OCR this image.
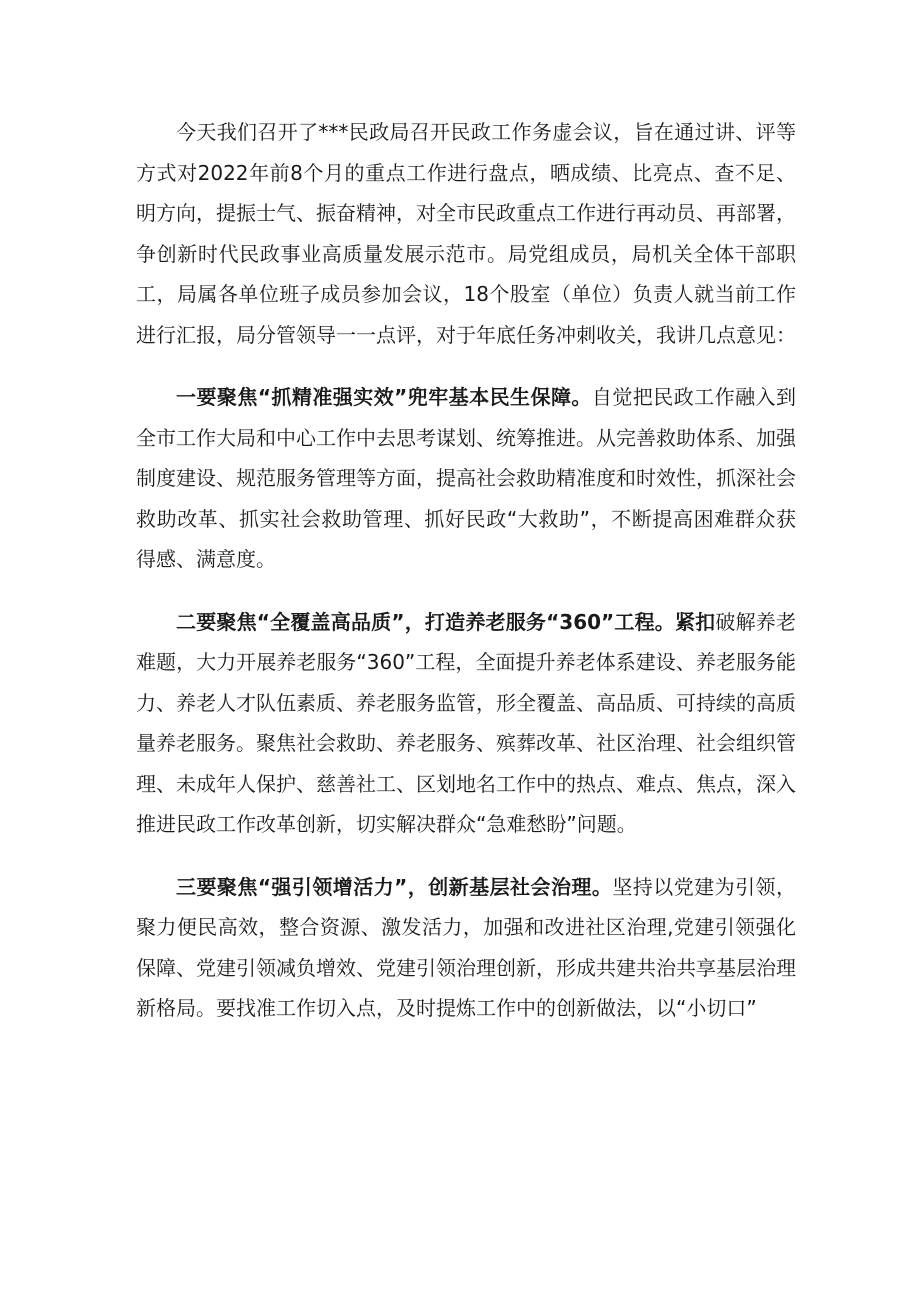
今天我们召开了***民政局召开民政工作务虚会议，旨在通过讲、评等方式对2022年前8个月的重点工作进行盘点，晒成绩、比亮点、查不足、明方向，提振士气、振奋精神，对全市民政重点工作进行再动员、再部署，争创新时代民政事业高质量发展示范市。局党组成员，局机关全体干部职工，局属各单位班子成员参加会议，18个股室（单位）负责人就当前工作进行汇报，局分管领导一一点评，对于年底任务冲刺收关，我讲几点意见：

一要聚焦“抓精准强实效”兜牢基本民生保障。自觉把民政工作融入到全市工作大局和中心工作中去思考谋划、统筹推进。从完善救助体系、加强制度建设、规范服务管理等方面，提高社会救助精准度和时效性，抓深社会救助改革、抓实社会救助管理、抓好民政“大救助”，不断提高困难群众获得感、满意度。

二要聚焦“全覆盖高品质”，打造养老服务“360”工程。紧扣破解养老难题，大力开展养老服务“360”工程，全面提升养老体系建设、养老服务能力、养老人才队伍素质、养老服务监管，形全覆盖、高品质、可持续的高质量养老服务。聚焦社会救助、养老服务、殡葬改革、社区治理、社会组织管理、未成年人保护、慈善社工、区划地名工作中的热点、难点、焦点，深入推进民政工作改革创新，切实解决群众“急难愁盼”问题。

三要聚焦“强引领增活力”，创新基层社会治理。坚持以党建为引领，聚力便民高效，整合资源、激发活力，加强和改进社区治理,党建引领强化保障、党建引领减负增效、党建引领治理创新，形成共建共治共享基层治理新格局。要找准工作切入点，及时提炼工作中的创新做法，以“小切口”
